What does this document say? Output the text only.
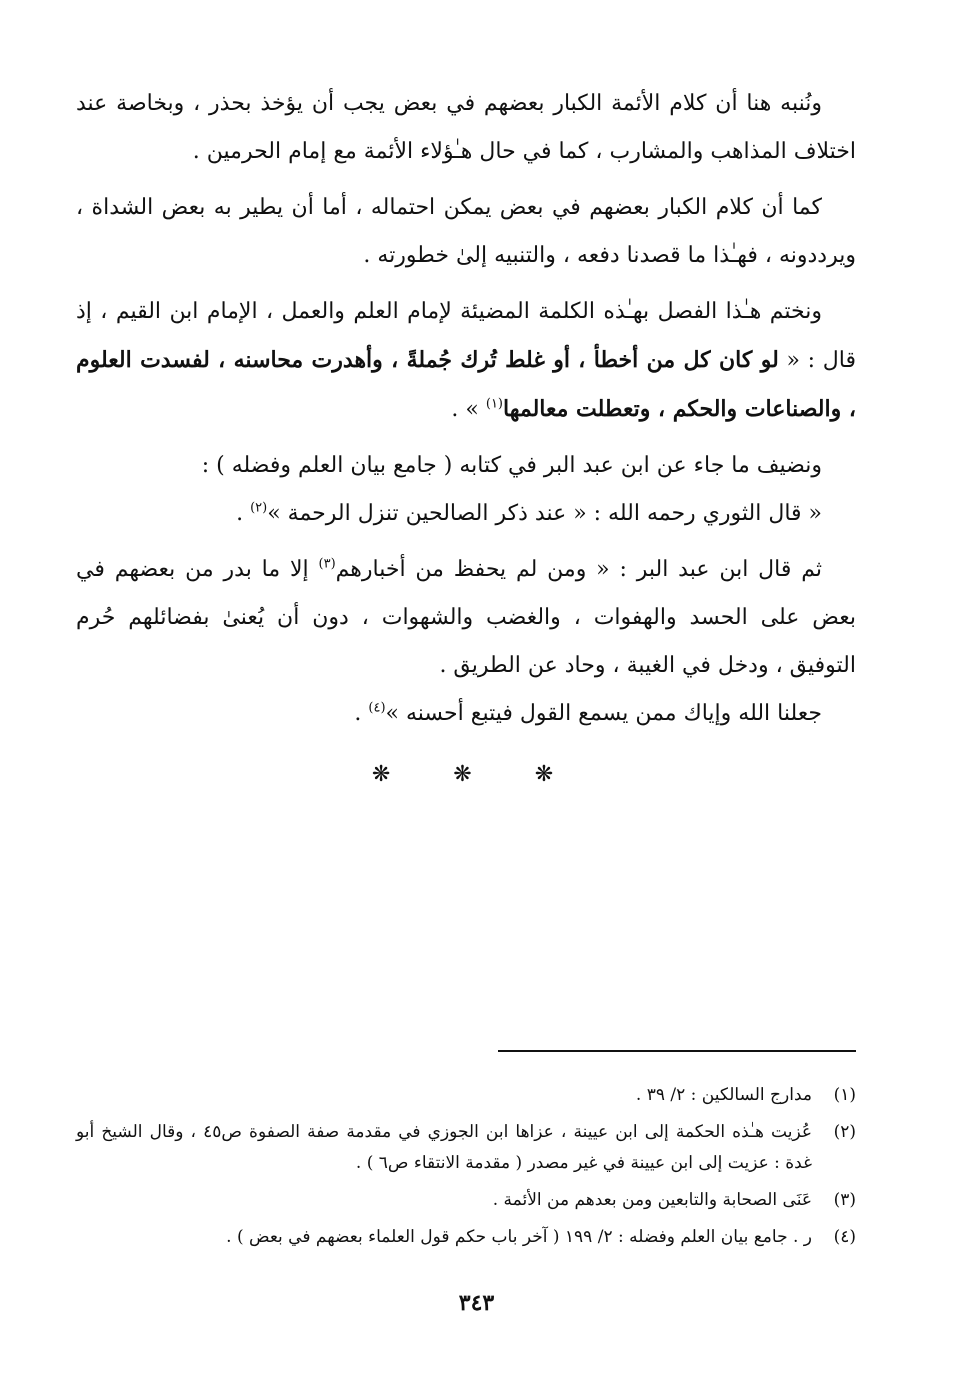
ونُنبه هنا أن كلام الأئمة الكبار بعضهم في بعض يجب أن يؤخذ بحذر ، وبخاصة عند اختلاف المذاهب والمشارب ، كما في حال هـٰؤلاء الأئمة مع إمام الحرمين .

كما أن كلام الكبار بعضهم في بعض يمكن احتماله ، أما أن يطير به بعض الشداة ، ويرددونه ، فهـٰذا ما قصدنا دفعه ، والتنبيه إلىٰ خطورته .

ونختم هـٰذا الفصل بهـٰذه الكلمة المضيئة لإمام العلم والعمل ، الإمام ابن القيم ، إذ قال : « لو كان كل من أخطأ ، أو غلط تُرك جُملةً ، وأهدرت محاسنه ، لفسدت العلوم ، والصناعات والحكم ، وتعطلت معالمها$^{(١)}$ » .

ونضيف ما جاء عن ابن عبد البر في كتابه ( جامع بيان العلم وفضله ) :

« قال الثوري رحمه الله : « عند ذكر الصالحين تنزل الرحمة »$^{(٢)}$ .

ثم قال ابن عبد البر : « ومن لم يحفظ من أخبارهم$^{(٣)}$ إلا ما بدر من بعضهم في بعض على الحسد والهفوات ، والغضب والشهوات ، دون أن يُعنىٰ بفضائلهم حُرم التوفيق ، ودخل في الغيبة ، وحاد عن الطريق .

جعلنا الله وإياك ممن يسمع القول فيتبع أحسنه »$^{(٤)}$ .

❋ ❋ ❋
(١)
مدارج السالكين : ٢/ ٣٩ .
(٢)
عُزيت هـٰذه الحكمة إلى ابن عيينة ، عزاها ابن الجوزي في مقدمة صفة الصفوة ص٤٥ ، وقال الشيخ أبو غدة : عزيت إلى ابن عيينة في غير مصدر ( مقدمة الانتقاء ص٦ ) .
(٣)
عَنَى الصحابة والتابعين ومن بعدهم من الأئمة .
(٤)
ر . جامع بيان العلم وفضله : ٢/ ١٩٩ ( آخر باب حكم قول العلماء بعضهم في بعض ) .
٣٤٣
